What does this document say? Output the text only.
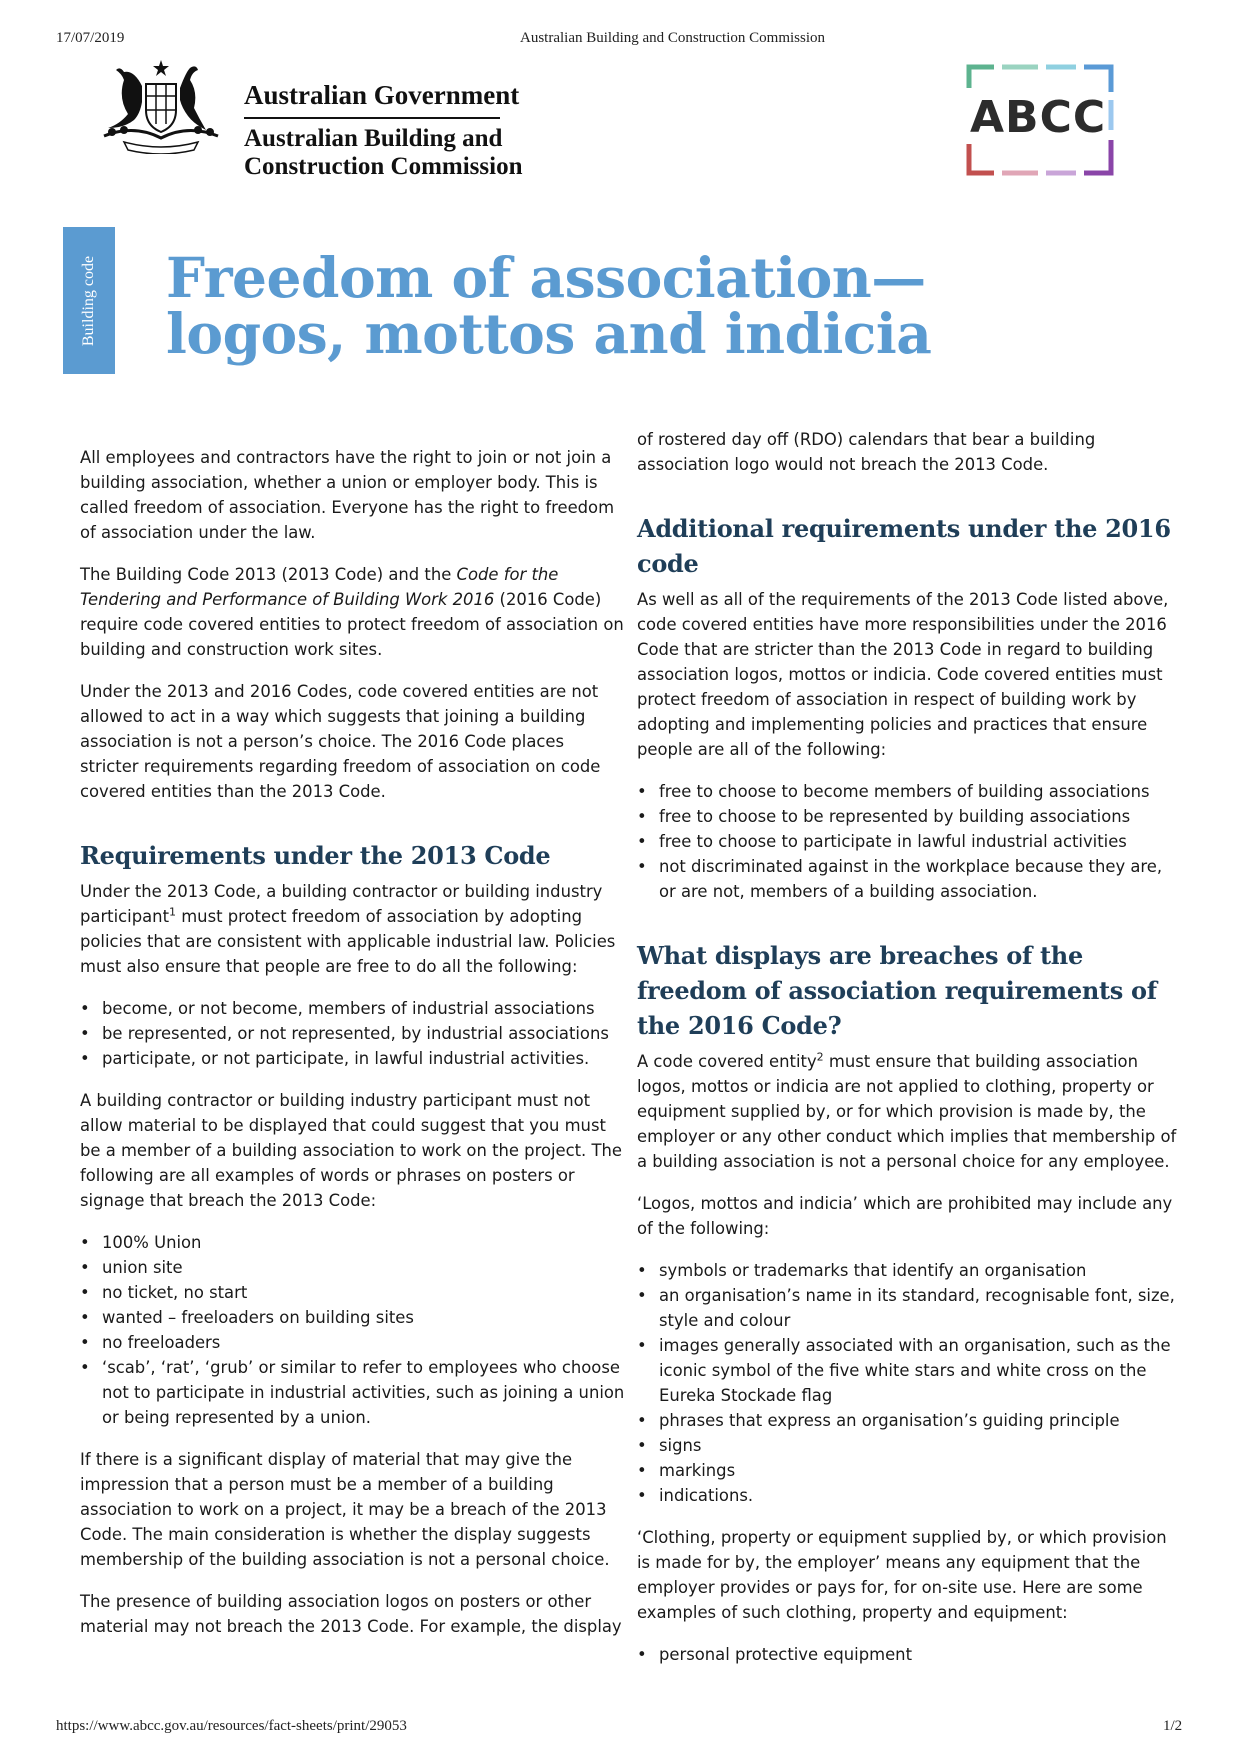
17/07/2019	Australian Building and Construction Commission
Australian Government
Australian Building and Construction Commission
ABCC
Building code Freedom of association— logos, mottos and indicia

All employees and contractors have the right to join or not join a building association, whether a union or employer body. This is called freedom of association. Everyone has the right to freedom of association under the law.

The Building Code 2013 (2013 Code) and the Code for the Tendering and Performance of Building Work 2016 (2016 Code) require code covered entities to protect freedom of association on building and construction work sites.

Under the 2013 and 2016 Codes, code covered entities are not allowed to act in a way which suggests that joining a building association is not a person’s choice. The 2016 Code places stricter requirements regarding freedom of association on code covered entities than the 2013 Code.

Requirements under the 2013 Code

Under the 2013 Code, a building contractor or building industry participant$^1$ must protect freedom of association by adopting policies that are consistent with applicable industrial law. Policies must also ensure that people are free to do all the following:

• become, or not become, members of industrial associations
• be represented, or not represented, by industrial associations
• participate, or not participate, in lawful industrial activities.

A building contractor or building industry participant must not allow material to be displayed that could suggest that you must be a member of a building association to work on the project. The following are all examples of words or phrases on posters or signage that breach the 2013 Code:

• 100% Union
• union site
• no ticket, no start
• wanted – freeloaders on building sites
• no freeloaders
• ‘scab’, ‘rat’, ‘grub’ or similar to refer to employees who choose not to participate in industrial activities, such as joining a union or being represented by a union.

If there is a significant display of material that may give the impression that a person must be a member of a building association to work on a project, it may be a breach of the 2013 Code. The main consideration is whether the display suggests membership of the building association is not a personal choice.

The presence of building association logos on posters or other material may not breach the 2013 Code. For example, the display

of rostered day off (RDO) calendars that bear a building association logo would not breach the 2013 Code.

Additional requirements under the 2016 code

As well as all of the requirements of the 2013 Code listed above, code covered entities have more responsibilities under the 2016 Code that are stricter than the 2013 Code in regard to building association logos, mottos or indicia. Code covered entities must protect freedom of association in respect of building work by adopting and implementing policies and practices that ensure people are all of the following:

• free to choose to become members of building associations
• free to choose to be represented by building associations
• free to choose to participate in lawful industrial activities
• not discriminated against in the workplace because they are, or are not, members of a building association.
What displays are breaches of the freedom of association requirements of the 2016 Code?

A code covered entity$^2$ must ensure that building association logos, mottos or indicia are not applied to clothing, property or equipment supplied by, or for which provision is made by, the employer or any other conduct which implies that membership of a building association is not a personal choice for any employee.

‘Logos, mottos and indicia’ which are prohibited may include any of the following:

• symbols or trademarks that identify an organisation
• an organisation’s name in its standard, recognisable font, size, style and colour
• images generally associated with an organisation, such as the iconic symbol of the five white stars and white cross on the Eureka Stockade flag
• phrases that express an organisation’s guiding principle
• signs
• markings
• indications.

‘Clothing, property or equipment supplied by, or which provision is made for by, the employer’ means any equipment that the employer provides or pays for, for on-site use. Here are some examples of such clothing, property and equipment:

• personal protective equipment
https://www.abcc.gov.au/resources/fact-sheets/print/29053	1/2
